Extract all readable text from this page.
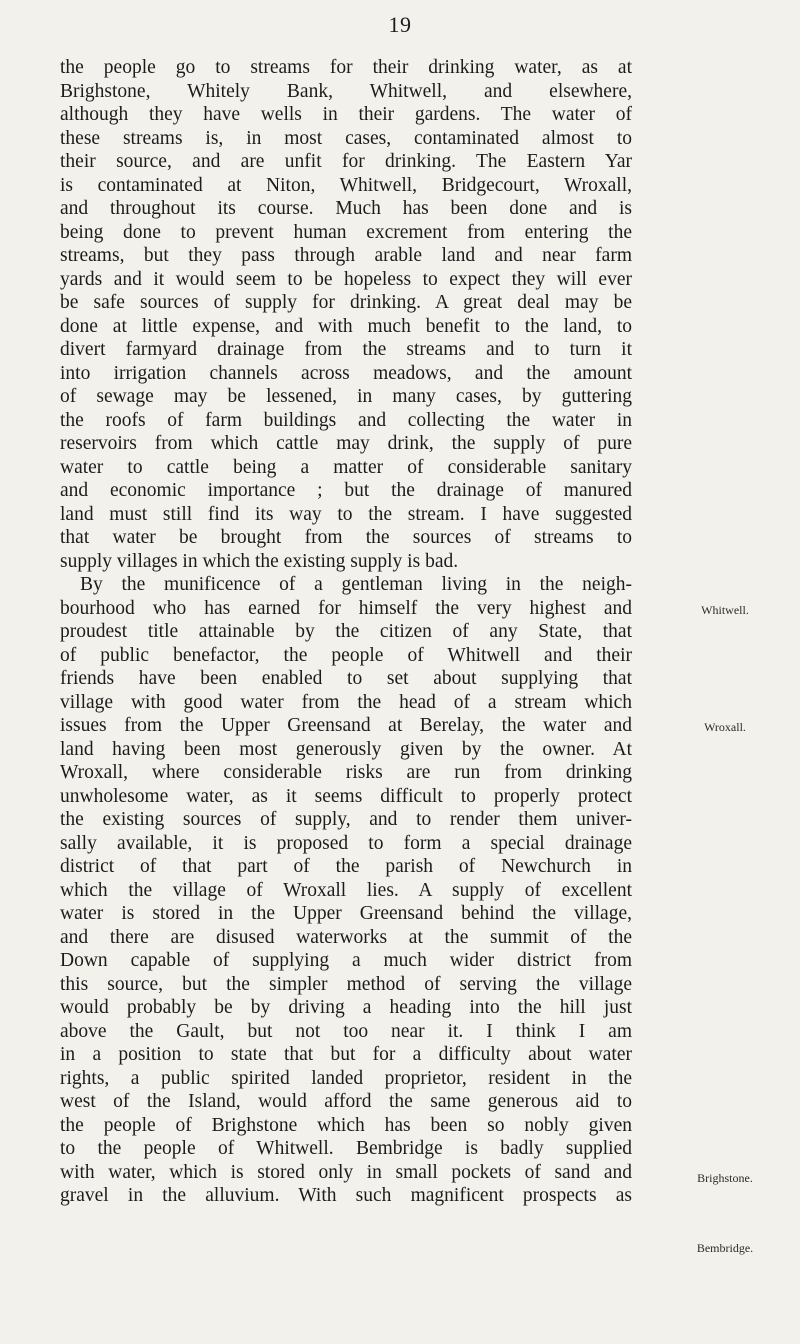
19
the people go to streams for their drinking water, as at
Brighstone, Whitely Bank, Whitwell, and elsewhere,
although they have wells in their gardens. The water of
these streams is, in most cases, contaminated almost to
their source, and are unfit for drinking. The Eastern Yar
is contaminated at Niton, Whitwell, Bridgecourt, Wroxall,
and throughout its course. Much has been done and is
being done to prevent human excrement from entering the
streams, but they pass through arable land and near farm
yards and it would seem to be hopeless to expect they will ever
be safe sources of supply for drinking. A great deal may be
done at little expense, and with much benefit to the land, to
divert farmyard drainage from the streams and to turn it
into irrigation channels across meadows, and the amount
of sewage may be lessened, in many cases, by guttering
the roofs of farm buildings and collecting the water in
reservoirs from which cattle may drink, the supply of pure
water to cattle being a matter of considerable sanitary
and economic importance ; but the drainage of manured
land must still find its way to the stream. I have suggested
that water be brought from the sources of streams to
supply villages in which the existing supply is bad.
By the munificence of a gentleman living in the neigh-
bourhood who has earned for himself the very highest and
proudest title attainable by the citizen of any State, that
of public benefactor, the people of Whitwell and their
friends have been enabled to set about supplying that
village with good water from the head of a stream which
issues from the Upper Greensand at Berelay, the water and
land having been most generously given by the owner. At
Wroxall, where considerable risks are run from drinking
unwholesome water, as it seems difficult to properly protect
the existing sources of supply, and to render them univer-
sally available, it is proposed to form a special drainage
district of that part of the parish of Newchurch in
which the village of Wroxall lies. A supply of excellent
water is stored in the Upper Greensand behind the village,
and there are disused waterworks at the summit of the
Down capable of supplying a much wider district from
this source, but the simpler method of serving the village
would probably be by driving a heading into the hill just
above the Gault, but not too near it. I think I am
in a position to state that but for a difficulty about water
rights, a public spirited landed proprietor, resident in the
west of the Island, would afford the same generous aid to
the people of Brighstone which has been so nobly given
to the people of Whitwell. Bembridge is badly supplied
with water, which is stored only in small pockets of sand and
gravel in the alluvium. With such magnificent prospects as
Whitwell.
Wroxall.
Brighstone.
Bembridge.
